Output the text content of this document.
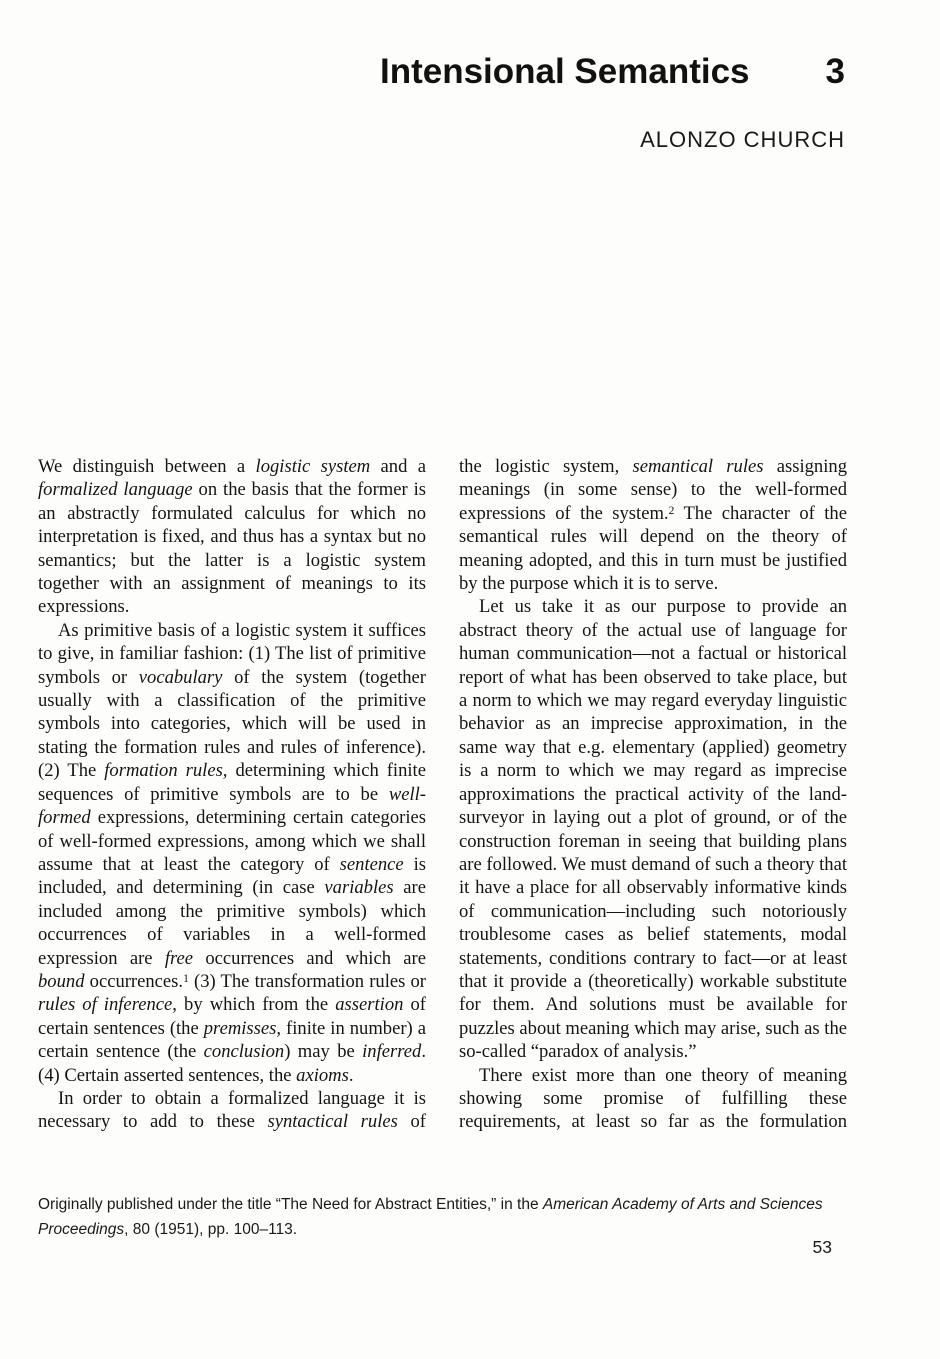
Intensional Semantics 3
ALONZO CHURCH

We distinguish between a logistic system and a formalized language on the basis that the former is an abstractly formulated calculus for which no interpretation is fixed, and thus has a syntax but no semantics; but the latter is a logistic system together with an assignment of meanings to its expressions.

As primitive basis of a logistic system it suffices to give, in familiar fashion: (1) The list of primitive symbols or vocabulary of the system (together usually with a classification of the primitive symbols into categories, which will be used in stating the formation rules and rules of inference). (2) The formation rules, determining which finite sequences of primitive symbols are to be well-formed expressions, determining certain categories of well-formed expressions, among which we shall assume that at least the category of sentence is included, and determining (in case variables are included among the primitive symbols) which occurrences of variables in a well-formed expression are free occurrences and which are bound occurrences.$^1$ (3) The transformation rules or rules of inference, by which from the assertion of certain sentences (the premisses, finite in number) a certain sentence (the conclusion) may be inferred. (4) Certain asserted sentences, the axioms.

In order to obtain a formalized language it is necessary to add to these syntactical rules of

the logistic system, semantical rules assigning meanings (in some sense) to the well-formed expressions of the system.$^2$ The character of the semantical rules will depend on the theory of meaning adopted, and this in turn must be justified by the purpose which it is to serve.

Let us take it as our purpose to provide an abstract theory of the actual use of language for human communication—not a factual or historical report of what has been observed to take place, but a norm to which we may regard everyday linguistic behavior as an imprecise approximation, in the same way that e.g. elementary (applied) geometry is a norm to which we may regard as imprecise approximations the practical activity of the land-surveyor in laying out a plot of ground, or of the construction foreman in seeing that building plans are followed. We must demand of such a theory that it have a place for all observably informative kinds of communication—including such notoriously troublesome cases as belief statements, modal statements, conditions contrary to fact—or at least that it provide a (theoretically) workable substitute for them. And solutions must be available for puzzles about meaning which may arise, such as the so-called “paradox of analysis.”

There exist more than one theory of meaning showing some promise of fulfilling these requirements, at least so far as the formulation

Originally published under the title “The Need for Abstract Entities,” in the American Academy of Arts and Sciences Proceedings, 80 (1951), pp. 100–113.

53
